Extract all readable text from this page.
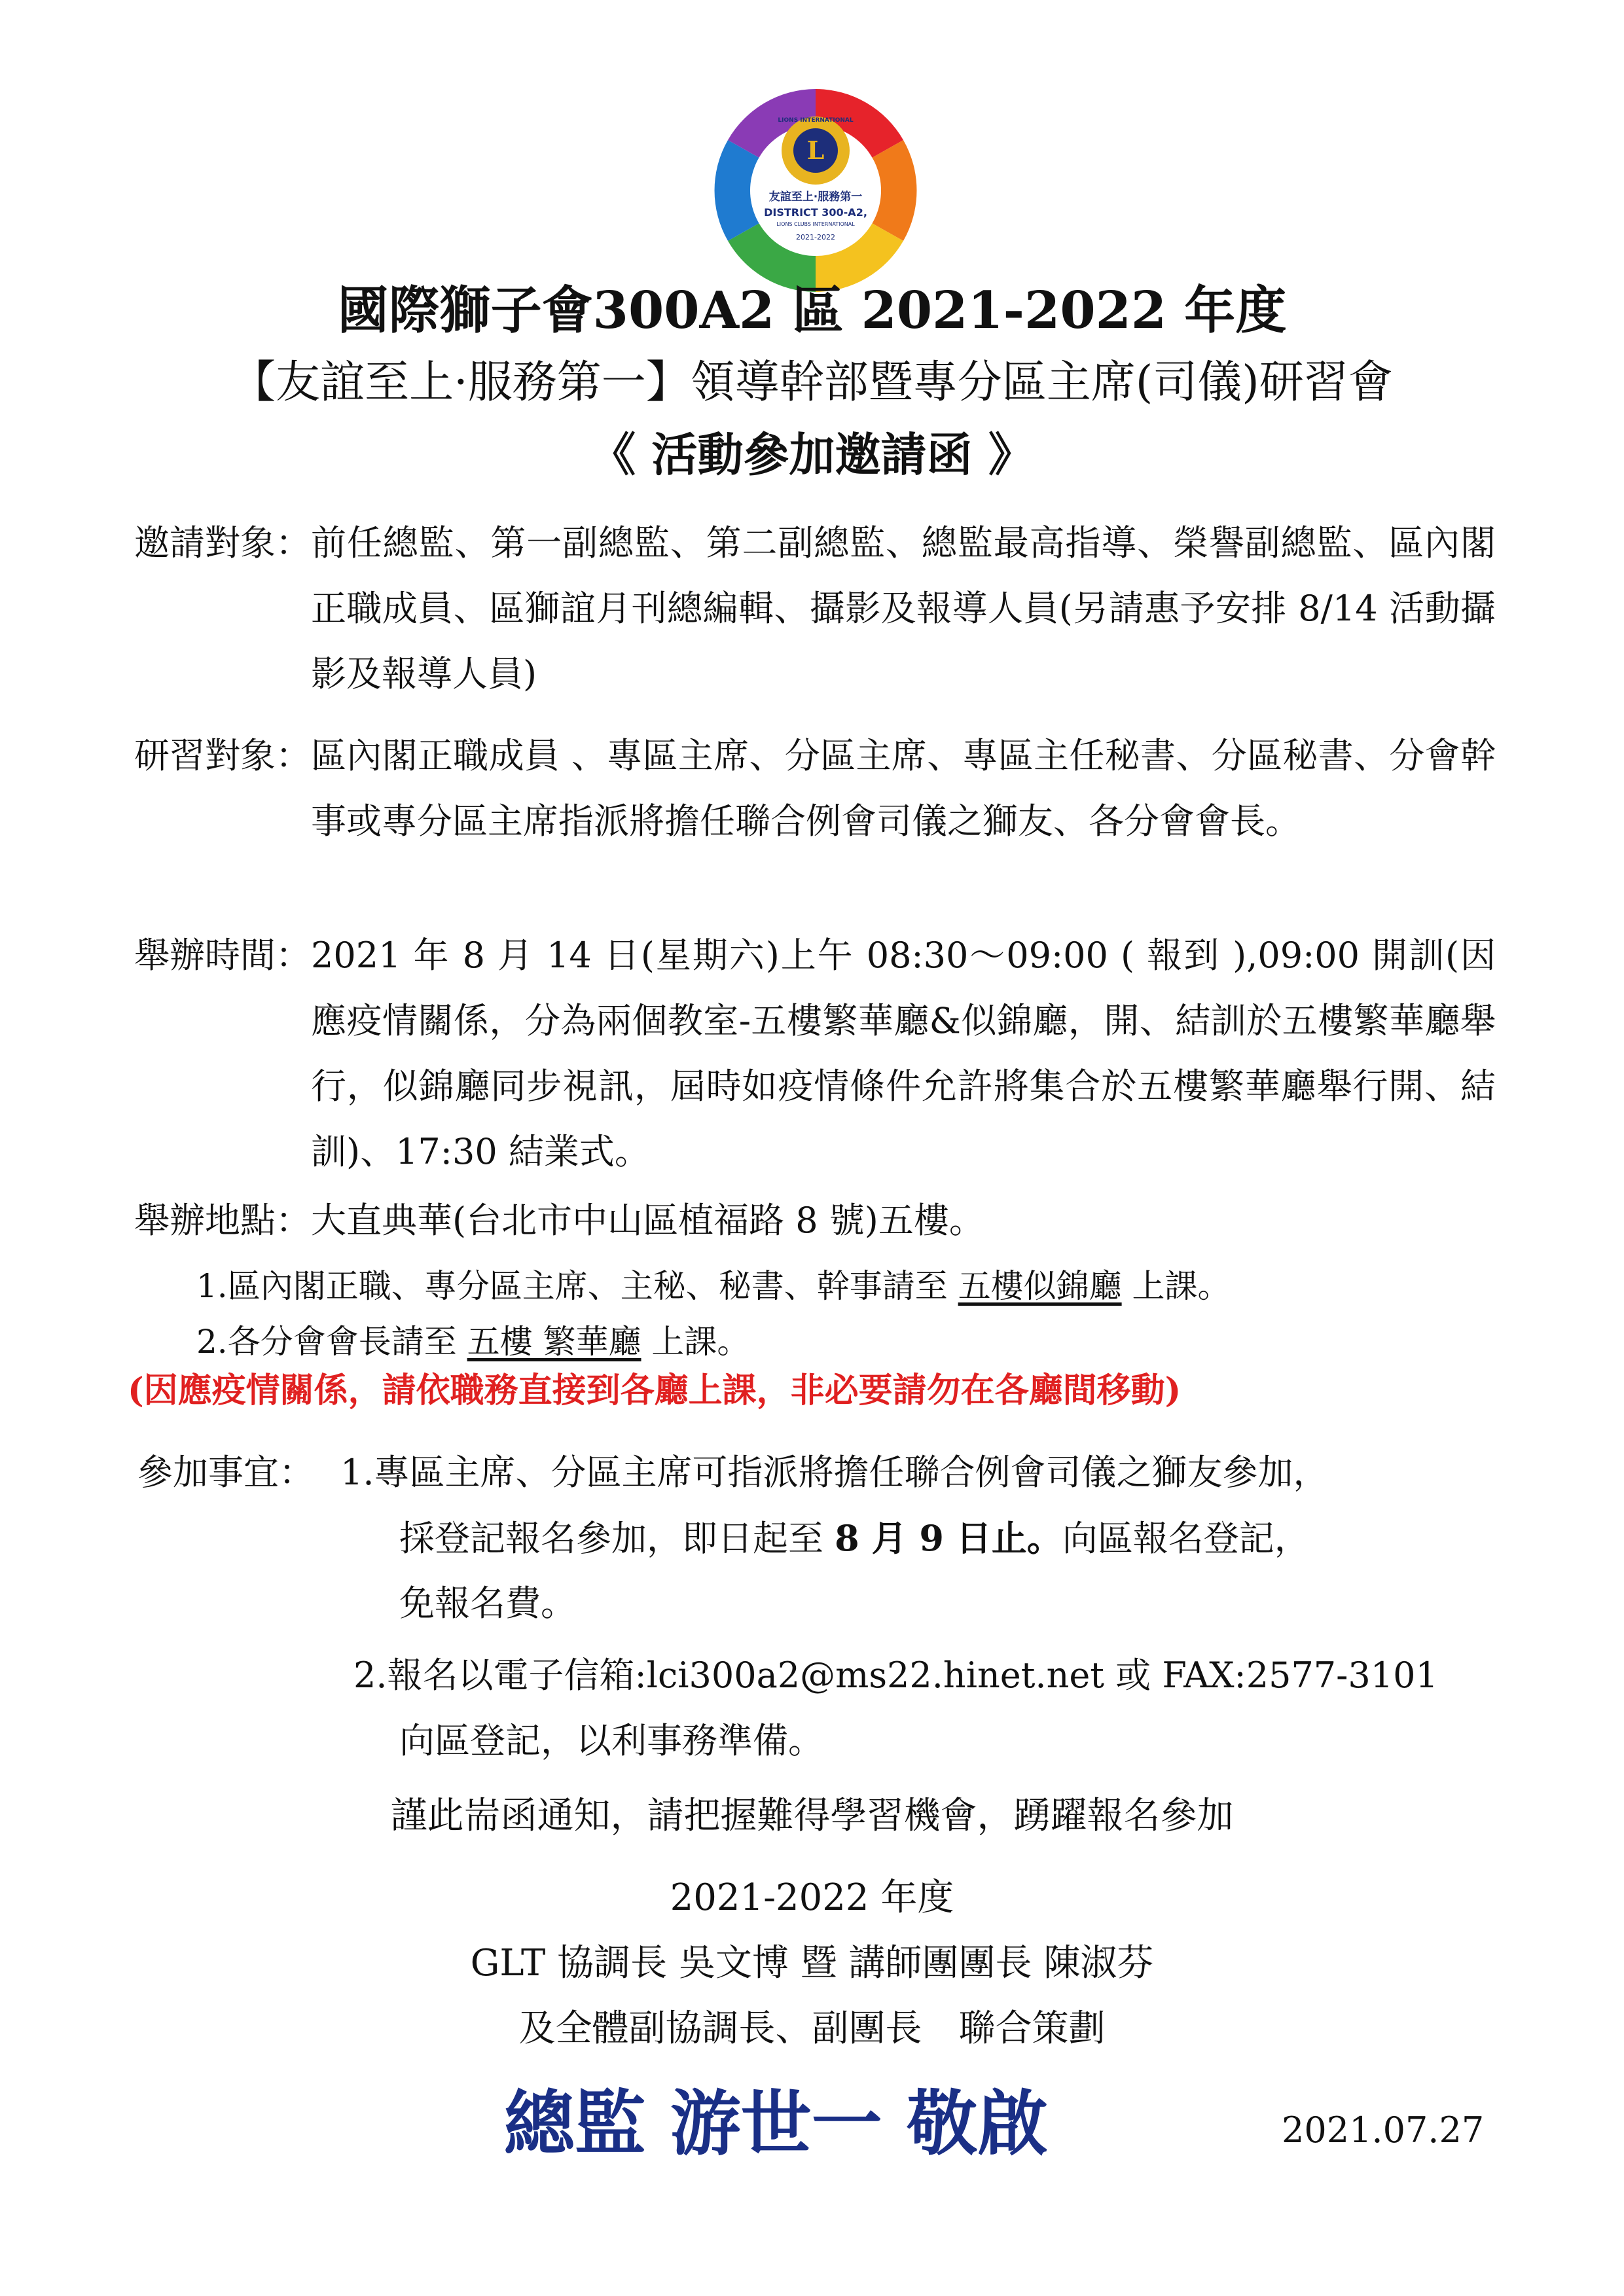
L
LIONS INTERNATIONAL
友誼至上·服務第一
DISTRICT 300-A2,
LIONS CLUBS INTERNATIONAL
2021-2022
國際獅子會300A2 區 2021-2022 年度
【友誼至上·服務第一】領導幹部暨專分區主席(司儀)研習會
《 活動參加邀請函 》
邀請對象： 前任總監、第一副總監、第二副總監、總監最高指導、榮譽副總監、區內閣正職成員、區獅誼月刊總編輯、攝影及報導人員(另請惠予安排 8/14 活動攝影及報導人員)
研習對象： 區內閣正職成員 、專區主席、分區主席、專區主任秘書、分區秘書、分會幹事或專分區主席指派將擔任聯合例會司儀之獅友、各分會會長。
舉辦時間： 2021 年 8 月 14 日(星期六)上午 08:30～09:00 ( 報到 ),09:00 開訓(因應疫情關係，分為兩個教室-五樓繁華廳&似錦廳，開、結訓於五樓繁華廳舉行，似錦廳同步視訊，屆時如疫情條件允許將集合於五樓繁華廳舉行開、結訓)、17:30 結業式。
舉辦地點： 大直典華(台北市中山區植福路 8 號)五樓。
1.區內閣正職、專分區主席、主秘、秘書、幹事請至 五樓似錦廳 上課。
2.各分會會長請至 五樓 繁華廳 上課。
(因應疫情關係，請依職務直接到各廳上課，非必要請勿在各廳間移動)
參加事宜： 1.專區主席、分區主席可指派將擔任聯合例會司儀之獅友參加，
採登記報名參加，即日起至 8 月 9 日止。向區報名登記，
免報名費。
2.報名以電子信箱:lci300a2@ms22.hinet.net 或 FAX:2577-3101
向區登記，以利事務準備。
謹此耑函通知，請把握難得學習機會，踴躍報名參加
2021-2022 年度
GLT 協調長 吳文博 暨 講師團團長 陳淑芬
及全體副協調長、副團長　聯合策劃
總監 游世一 敬啟	2021.07.27
